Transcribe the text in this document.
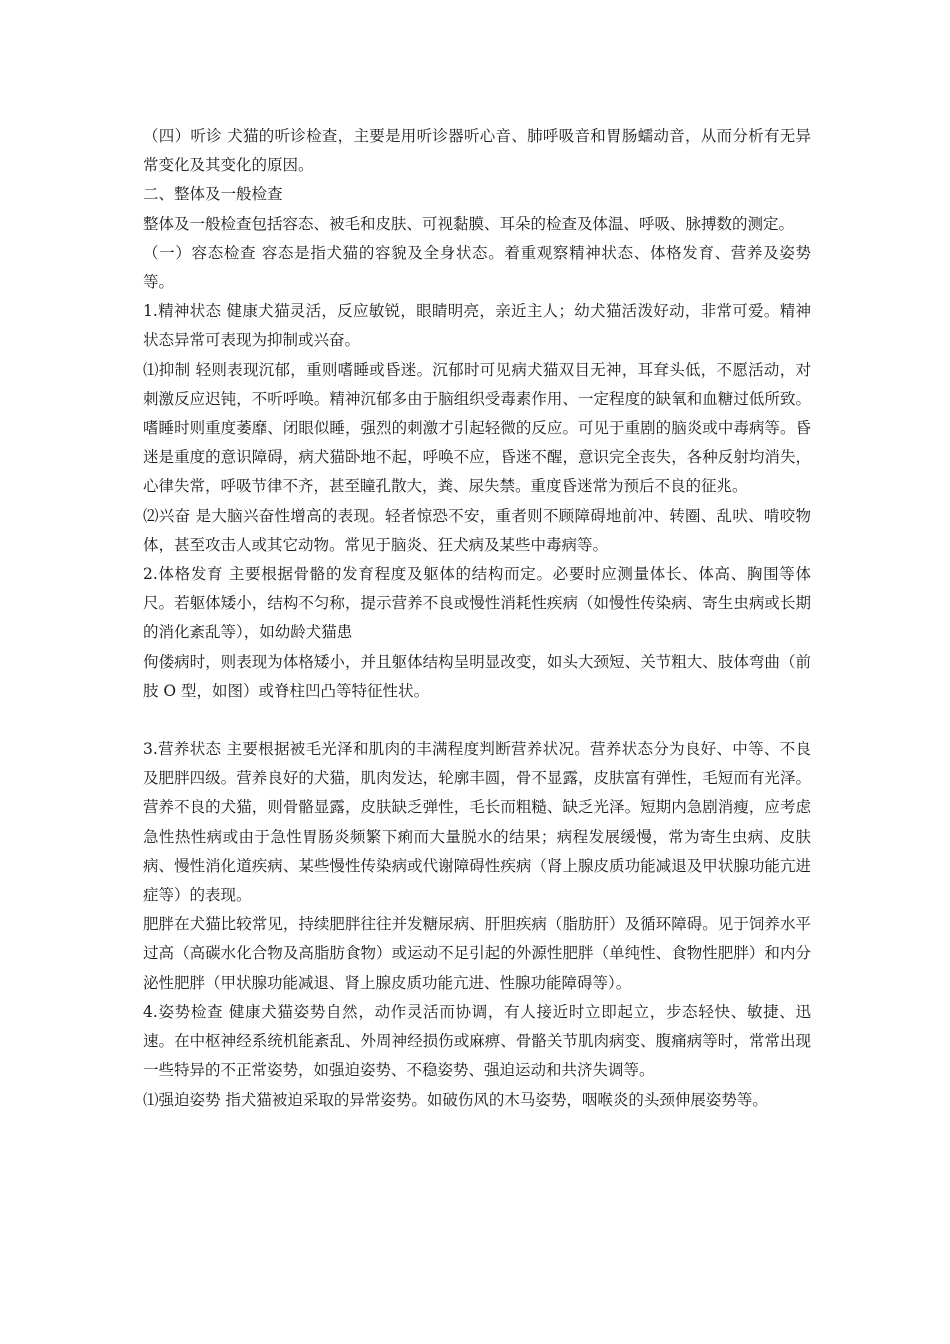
（四）听诊 犬猫的听诊检查，主要是用听诊器听心音、肺呼吸音和胃肠蠕动音，从而分析有无异常变化及其变化的原因。

二、整体及一般检查

整体及一般检查包括容态、被毛和皮肤、可视黏膜、耳朵的检查及体温、呼吸、脉搏数的测定。

（一）容态检查 容态是指犬猫的容貌及全身状态。着重观察精神状态、体格发育、营养及姿势等。

1.精神状态 健康犬猫灵活，反应敏锐，眼睛明亮，亲近主人；幼犬猫活泼好动，非常可爱。精神状态异常可表现为抑制或兴奋。

⑴抑制 轻则表现沉郁，重则嗜睡或昏迷。沉郁时可见病犬猫双目无神，耳耷头低，不愿活动，对刺激反应迟钝，不听呼唤。精神沉郁多由于脑组织受毒素作用、一定程度的缺氧和血糖过低所致。嗜睡时则重度萎靡、闭眼似睡，强烈的刺激才引起轻微的反应。可见于重剧的脑炎或中毒病等。昏迷是重度的意识障碍，病犬猫卧地不起，呼唤不应，昏迷不醒，意识完全丧失，各种反射均消失，心律失常，呼吸节律不齐，甚至瞳孔散大，粪、尿失禁。重度昏迷常为预后不良的征兆。

⑵兴奋 是大脑兴奋性增高的表现。轻者惊恐不安，重者则不顾障碍地前冲、转圈、乱吠、啃咬物体，甚至攻击人或其它动物。常见于脑炎、狂犬病及某些中毒病等。

2.体格发育 主要根据骨骼的发育程度及躯体的结构而定。必要时应测量体长、体高、胸围等体尺。若躯体矮小，结构不匀称，提示营养不良或慢性消耗性疾病（如慢性传染病、寄生虫病或长期的消化紊乱等），如幼龄犬猫患

佝偻病时，则表现为体格矮小，并且躯体结构呈明显改变，如头大颈短、关节粗大、肢体弯曲（前肢 O 型，如图）或脊柱凹凸等特征性状。

3.营养状态 主要根据被毛光泽和肌肉的丰满程度判断营养状况。营养状态分为良好、中等、不良及肥胖四级。营养良好的犬猫，肌肉发达，轮廓丰圆，骨不显露，皮肤富有弹性，毛短而有光泽。营养不良的犬猫，则骨骼显露，皮肤缺乏弹性，毛长而粗糙、缺乏光泽。短期内急剧消瘦，应考虑急性热性病或由于急性胃肠炎频繁下痢而大量脱水的结果；病程发展缓慢，常为寄生虫病、皮肤病、慢性消化道疾病、某些慢性传染病或代谢障碍性疾病（肾上腺皮质功能减退及甲状腺功能亢进症等）的表现。

肥胖在犬猫比较常见，持续肥胖往往并发糖尿病、肝胆疾病（脂肪肝）及循环障碍。见于饲养水平过高（高碳水化合物及高脂肪食物）或运动不足引起的外源性肥胖（单纯性、食物性肥胖）和内分泌性肥胖（甲状腺功能减退、肾上腺皮质功能亢进、性腺功能障碍等）。

4.姿势检查 健康犬猫姿势自然，动作灵活而协调，有人接近时立即起立，步态轻快、敏捷、迅速。在中枢神经系统机能紊乱、外周神经损伤或麻痹、骨骼关节肌肉病变、腹痛病等时，常常出现一些特异的不正常姿势，如强迫姿势、不稳姿势、强迫运动和共济失调等。

⑴强迫姿势 指犬猫被迫采取的异常姿势。如破伤风的木马姿势，咽喉炎的头颈伸展姿势等。
